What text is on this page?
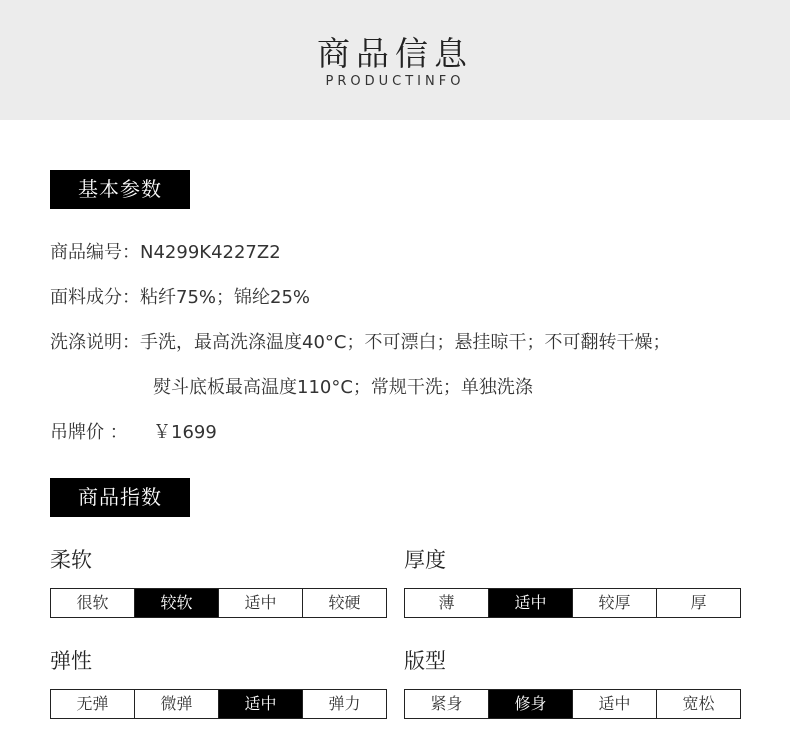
商品信息
PRODUCTINFO
基本参数
商品编号：N4299K4227Z2
面料成分：粘纤75%；锦纶25%
洗涤说明：手洗，最高洗涤温度40°C；不可漂白；悬挂晾干；不可翻转干燥；
熨斗底板最高温度110°C；常规干洗；单独洗涤
吊牌价 ： ￥1699
商品指数
柔软
很软	较软	适中	较硬
厚度
薄	适中	较厚	厚
弹性
无弹	微弹	适中	弹力
版型
紧身	修身	适中	宽松
